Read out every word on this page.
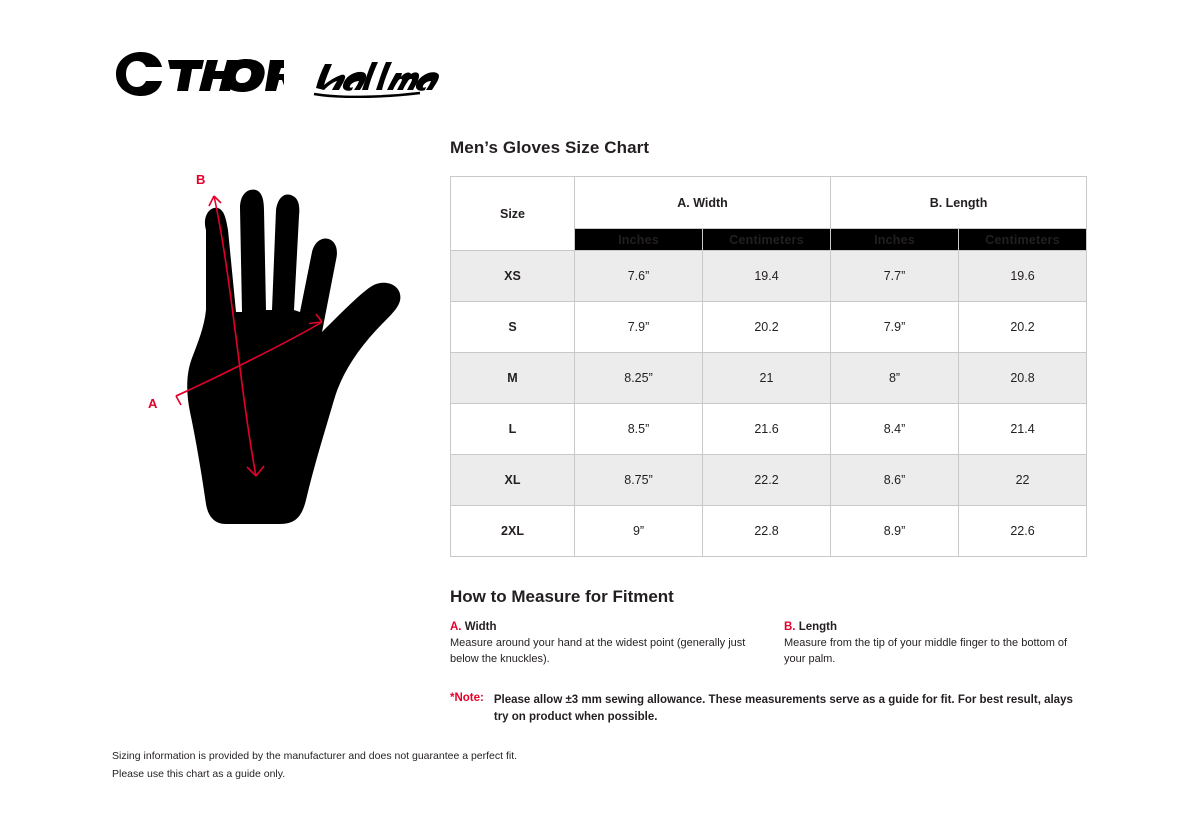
B
A
Men’s Gloves Size Chart
Size	A. Width		B. Length	
	Inches	Centimeters	Inches	Centimeters
XS	7.6”	19.4	7.7”	19.6
S	7.9”	20.2	7.9”	20.2
M	8.25”	21	8”	20.8
L	8.5”	21.6	8.4”	21.4
XL	8.75”	22.2	8.6”	22
2XL	9”	22.8	8.9”	22.6
How to Measure for Fitment
A. Width
Measure around your hand at the widest point (generally just below the knuckles).
B. Length
Measure from the tip of your middle finger to the bottom of your palm.
*Note: Please allow ±3 mm sewing allowance. These measurements serve as a guide for fit. For best result, alays try on product when possible.
Sizing information is provided by the manufacturer and does not guarantee a perfect fit.
Please use this chart as a guide only.
